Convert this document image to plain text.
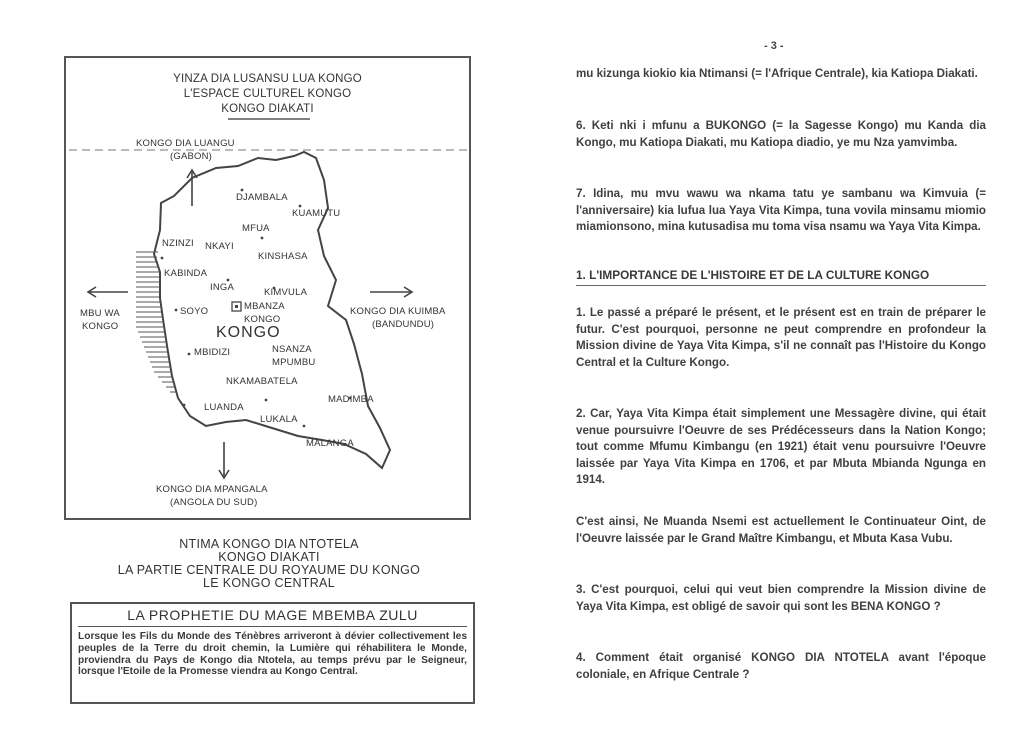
YINZA DIA LUSANSU LUA KONGO
L'ESPACE CULTUREL KONGO
KONGO DIAKATI
KONGO DIA LUANGU
(GABON)
KONGO DIA MPANGALA
(ANGOLA DU SUD)
KONGO DIA KUIMBA
(BANDUNDU)
MBU WA
KONGO	KONGO
DJAMBALA
KUAMUTU
MFUA
NZINZI NKAYI
KINSHASA
KABINDA
INGA	KIMVULA
SOYO	MBANZA
KONGO
MBIDIZI	NSANZA
MPUMBU
NKAMABATELA
MADIMBA
LUANDA
LUKALA
MALANGA
NTIMA KONGO DIA NTOTELA
KONGO DIAKATI
LA PARTIE CENTRALE DU ROYAUME DU KONGO
LE KONGO CENTRAL
LA PROPHETIE DU MAGE MBEMBA ZULU

Lorsque les Fils du Monde des Ténèbres arriveront à dévier collectivement les peuples de la Terre du droit chemin, la Lumière qui réhabilitera le Monde, proviendra du Pays de Kongo dia Ntotela, au temps prévu par le Seigneur, lorsque l'Etoile de la Promesse viendra au Kongo Central.

- 3 -

mu kizunga kiokio kia Ntimansi (= l'Afrique Centrale), kia Katiopa Diakati.

6. Keti nki i mfunu a BUKONGO (= la Sagesse Kongo) mu Kanda dia Kongo, mu Katiopa Diakati, mu Katiopa diadio, ye mu Nza yamvimba.

7. Idina, mu mvu wawu wa nkama tatu ye sambanu wa Kimvuia (= l'anniversaire) kia lufua lua Yaya Vita Kimpa, tuna vovila minsamu miomio miamionsono, mina kutusadisa mu toma visa nsamu wa Yaya Vita Kimpa.

1. L'IMPORTANCE DE L'HISTOIRE ET DE LA CULTURE KONGO

1. Le passé a préparé le présent, et le présent est en train de préparer le futur. C'est pourquoi, personne ne peut comprendre en profondeur la Mission divine de Yaya Vita Kimpa, s'il ne connaît pas l'Histoire du Kongo Central et la Culture Kongo.

2. Car, Yaya Vita Kimpa était simplement une Messagère divine, qui était venue poursuivre l'Oeuvre de ses Prédécesseurs dans la Nation Kongo; tout comme Mfumu Kimbangu (en 1921) était venu poursuivre l'Oeuvre laissée par Yaya Vita Kimpa en 1706, et par Mbuta Mbianda Ngunga en 1914.

C'est ainsi, Ne Muanda Nsemi est actuellement le Continuateur Oint, de l'Oeuvre laissée par le Grand Maître Kimbangu, et Mbuta Kasa Vubu.

3. C'est pourquoi, celui qui veut bien comprendre la Mission divine de Yaya Vita Kimpa, est obligé de savoir qui sont les BENA KONGO ?

4. Comment était organisé KONGO DIA NTOTELA avant l'époque coloniale, en Afrique Centrale ?
